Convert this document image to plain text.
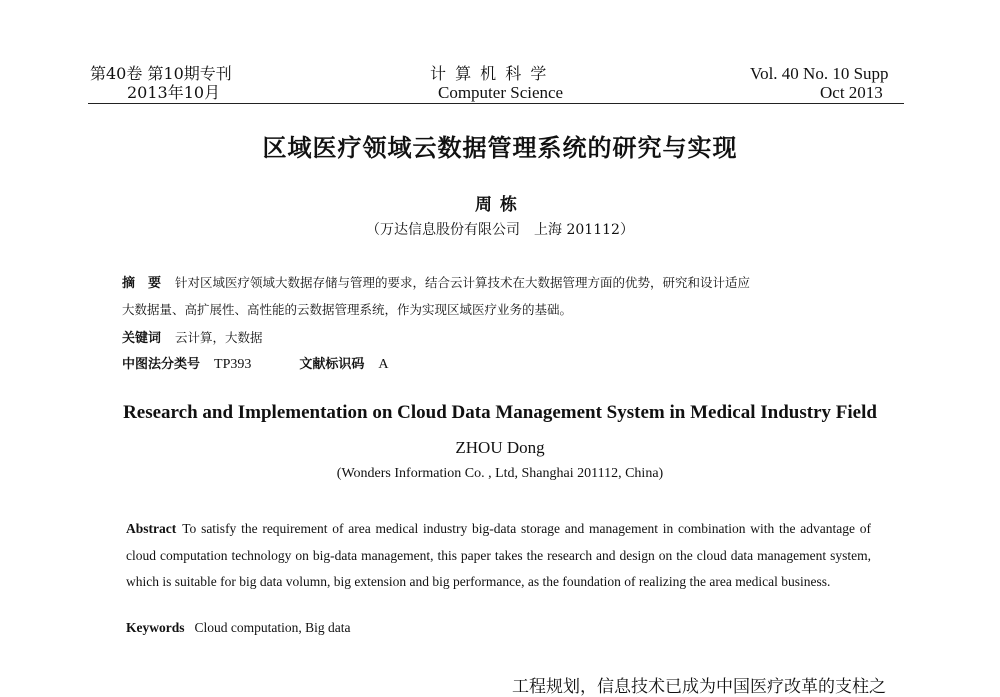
第40卷 第10期专刊
2013年10月
计 算 机 科 学
Computer Science
Vol. 40 No. 10 Supp
Oct 2013
区域医疗领域云数据管理系统的研究与实现
周栋
（万达信息股份有限公司　上海 201112）
摘　要 针对区域医疗领域大数据存储与管理的要求，结合云计算技术在大数据管理方面的优势，研究和设计适应
大数据量、高扩展性、高性能的云数据管理系统，作为实现区域医疗业务的基础。
关键词 云计算，大数据
中图法分类号 TP393	文献标识码 A
Research and Implementation on Cloud Data Management System in Medical Industry Field
ZHOU Dong
(Wonders Information Co. , Ltd, Shanghai 201112, China)
Abstract To satisfy the requirement of area medical industry big-data storage and management in combination with the advantage of cloud computation technology on big-data management, this paper takes the research and design on the cloud data management system, which is suitable for big data volumn, big extension and big performance, as the foundation of realizing the area medical business.
Keywords Cloud computation, Big data
工程规划，信息技术已成为中国医疗改革的支柱之
